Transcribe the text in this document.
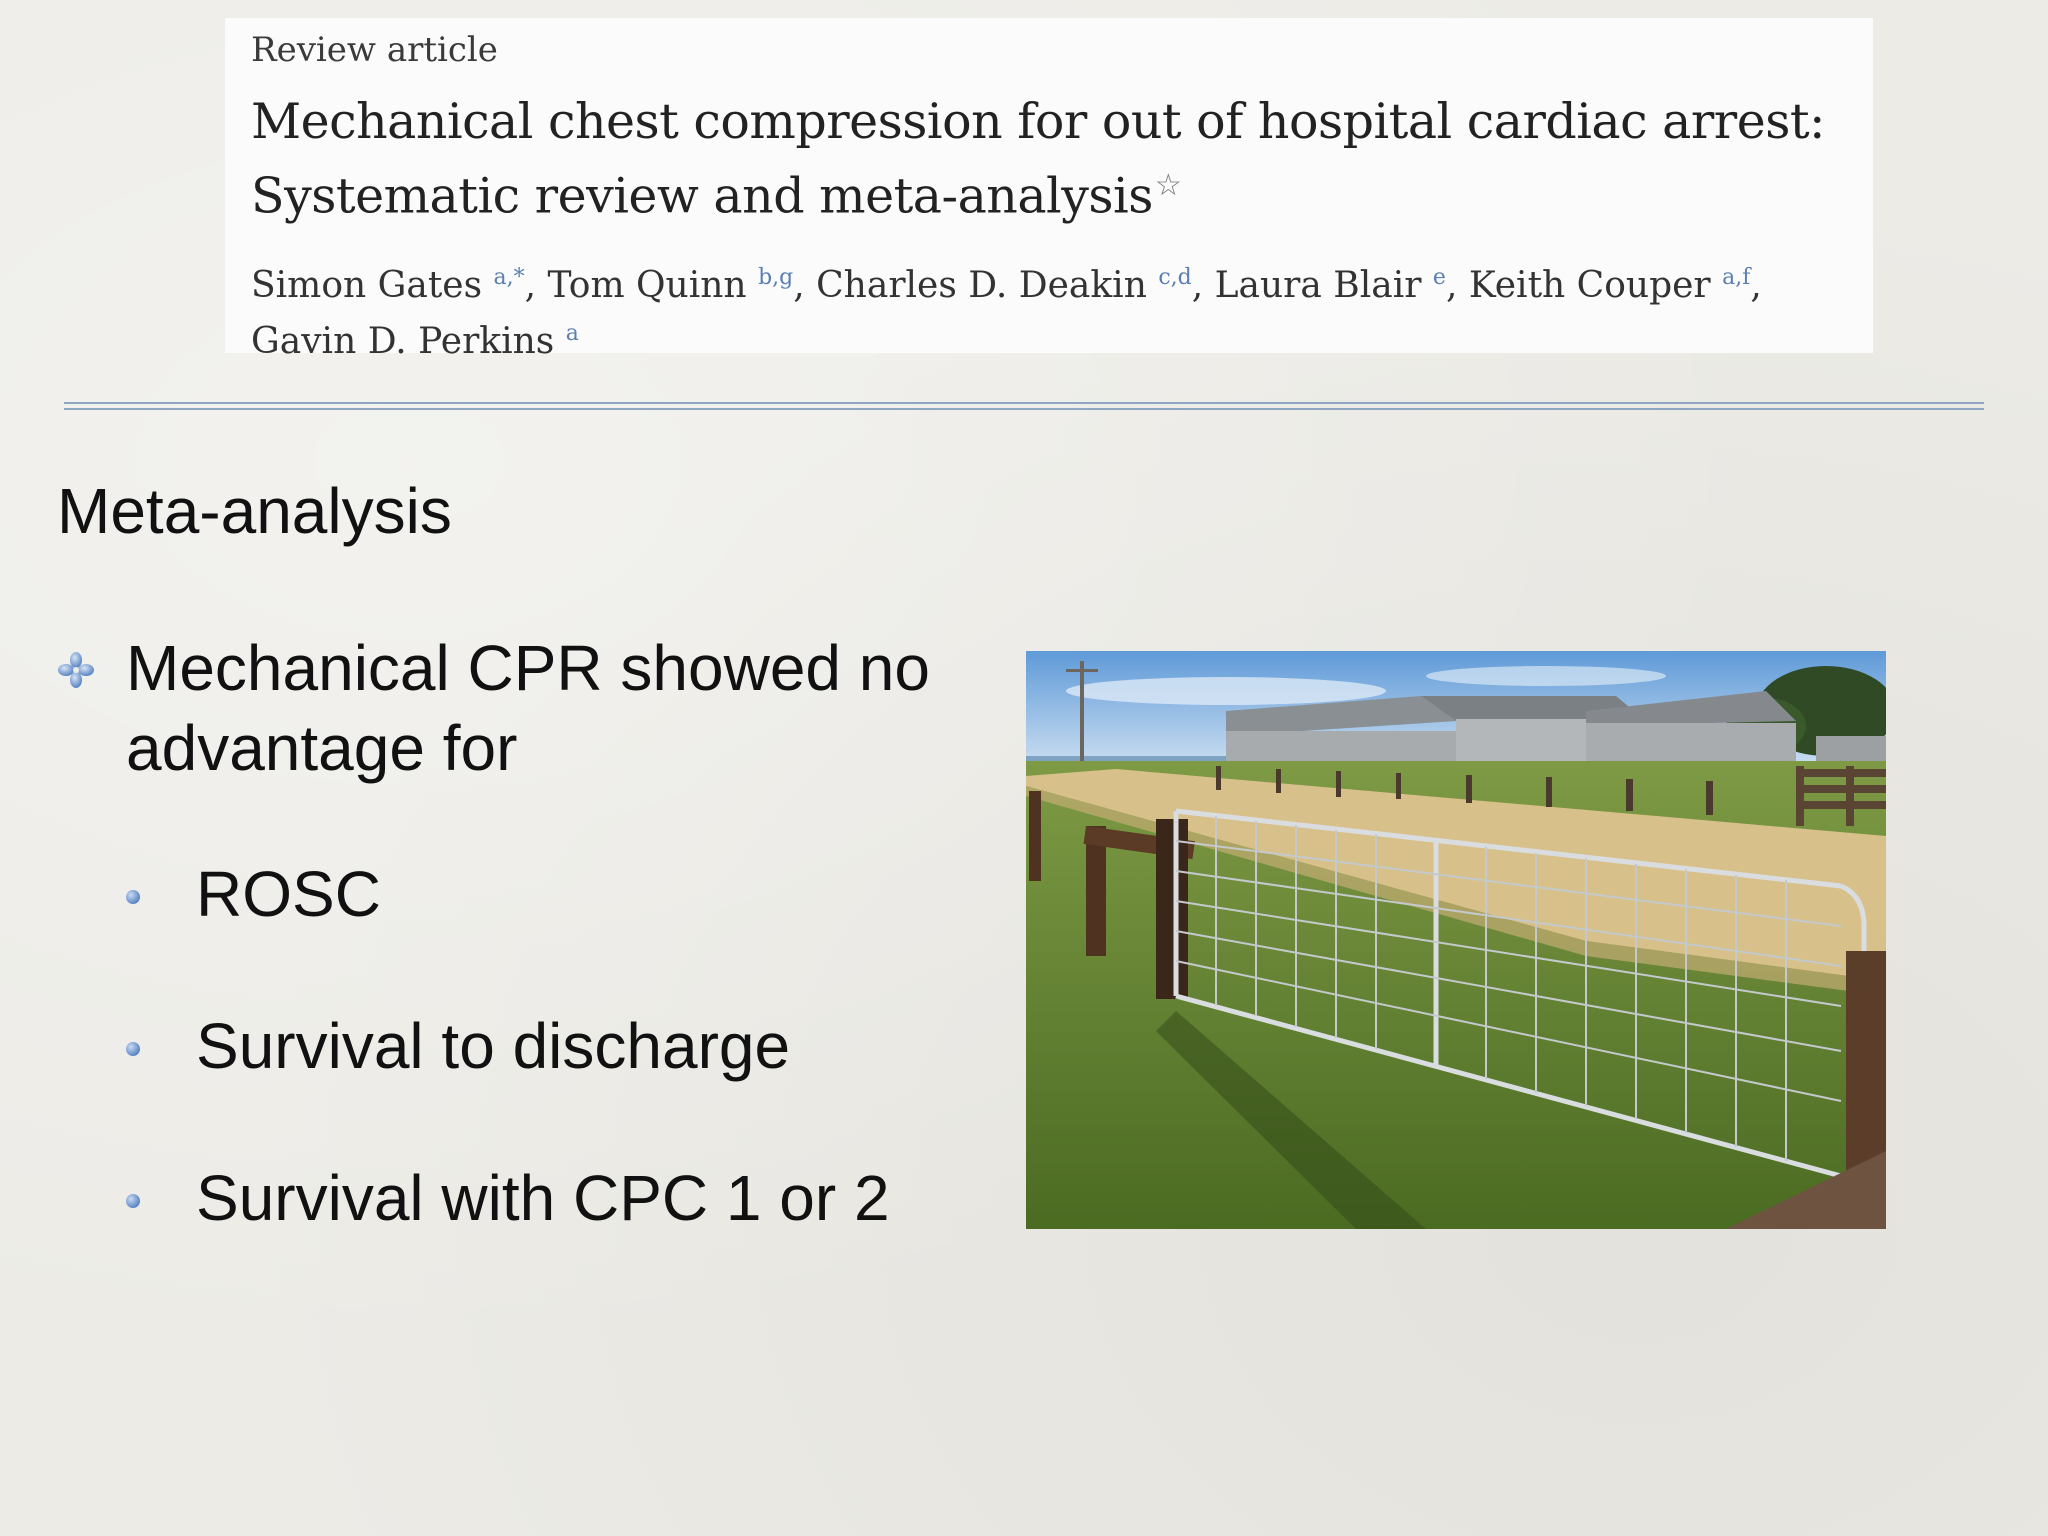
Review article
Mechanical chest compression for out of hospital cardiac arrest:
Systematic review and meta-analysis☆
Simon Gates $^{a,*}$, Tom Quinn $^{b,g}$, Charles D. Deakin $^{c,d}$, Laura Blair $^e$, Keith Couper $^{a,f}$,
Gavin D. Perkins $^a$
Meta-analysis
Mechanical CPR showed no
advantage for
ROSC
Survival to discharge
Survival with CPC 1 or 2
